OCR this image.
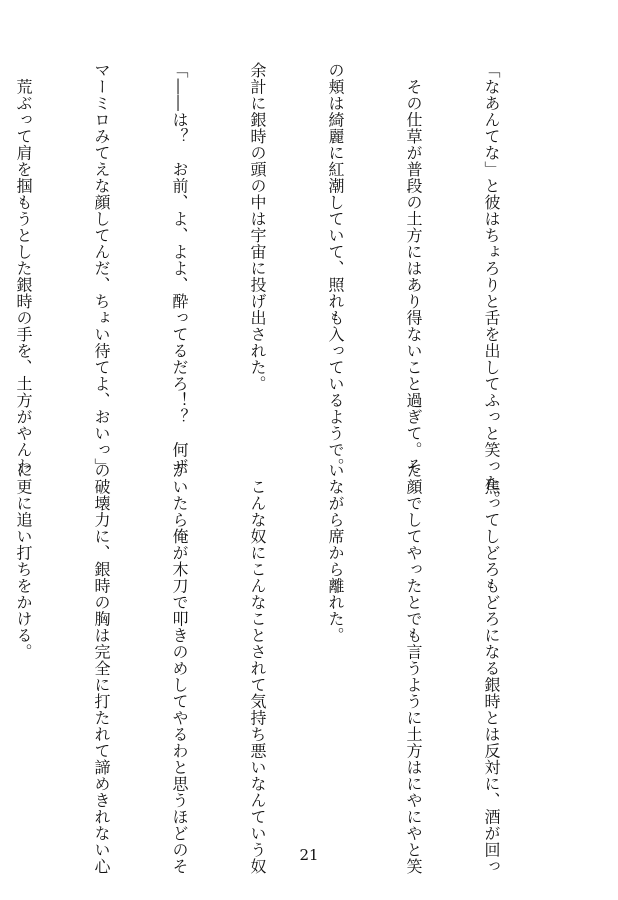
「なあんてな」と彼はちょろりと舌を出してふっと笑った。

　その仕草が普段の土方にはあり得ないこと過ぎて。そ

の頬は綺麗に紅潮していて、照れも入っているようで。

余計に銀時の頭の中は宇宙に投げ出された。

「――は？　お前、よ、よよ、酔ってるだろ！？　何ザ

マーミロみてえな顔してんだ、ちょい待てよ、おいっ」

　荒ぶって肩を掴もうとした銀時の手を、土方がやんわ

　焦ってしどろもどろになる銀時とは反対に、酒が回っ

た顔でしてやったとでも言うように土方はにやにやと笑

いながら席から離れた。

　こんな奴にこんなことされて気持ち悪いなんていう奴

がいたら俺が木刀で叩きのめしてやるわと思うほどのそ

の破壊力に、銀時の胸は完全に打たれて諦めきれない心

に更に追い打ちをかける。

21
